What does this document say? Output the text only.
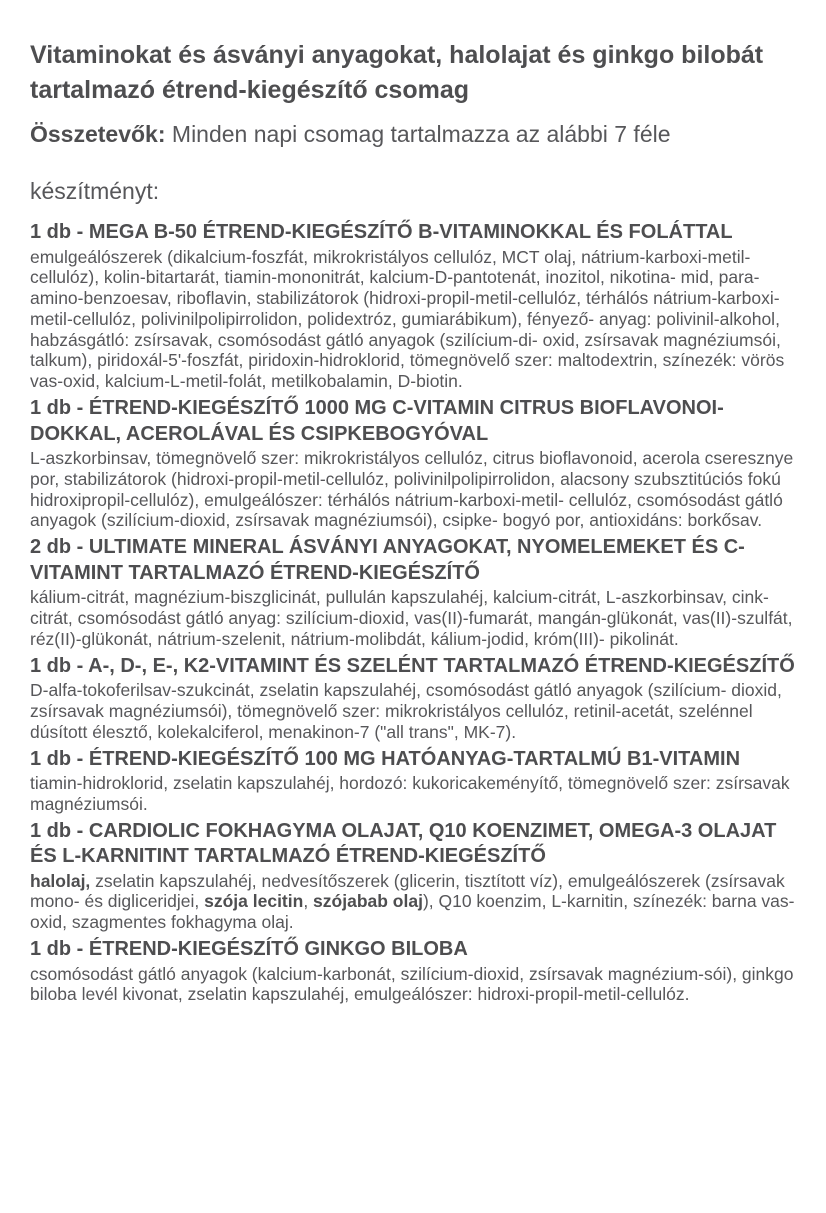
Vitaminokat és ásványi anyagokat, halolajat és ginkgo bilobát tartalmazó étrend-kiegészítő csomag

Összetevők: Minden napi csomag tartalmazza az alábbi 7 féle

készítményt:

1 db - MEGA B-50 ÉTREND-KIEGÉSZÍTŐ B-VITAMINOKKAL ÉS FOLÁTTAL

emulgeálószerek (dikalcium-foszfát, mikrokristályos cellulóz, MCT olaj, nátrium-karboxi-metil-cellulóz), kolin-bitartarát, tiamin-mononitrát, kalcium-D-pantotenát, inozitol, nikotina- mid, para-amino-benzoesav, riboflavin, stabilizátorok (hidroxi-propil-metil-cellulóz, térhálós nátrium-karboxi-metil-cellulóz, polivinilpolipirrolidon, polidextróz, gumiarábikum), fényező- anyag: polivinil-alkohol, habzásgátló: zsírsavak, csomósodást gátló anyagok (szilícium-di- oxid, zsírsavak magnéziumsói, talkum), piridoxál-5'-foszfát, piridoxin-hidroklorid, tömegnövelő szer: maltodextrin, színezék: vörös vas-oxid, kalcium-L-metil-folát, metilkobalamin, D-biotin.

1 db - ÉTREND-KIEGÉSZÍTŐ 1000 MG C-VITAMIN CITRUS BIOFLAVONOI- DOKKAL, ACEROLÁVAL ÉS CSIPKEBOGYÓVAL

L-aszkorbinsav, tömegnövelő szer: mikrokristályos cellulóz, citrus bioflavonoid, acerola cseresznye por, stabilizátorok (hidroxi-propil-metil-cellulóz, polivinilpolipirrolidon, alacsony szubsztitúciós fokú hidroxipropil-cellulóz), emulgeálószer: térhálós nátrium-karboxi-metil- cellulóz, csomósodást gátló anyagok (szilícium-dioxid, zsírsavak magnéziumsói), csipke- bogyó por, antioxidáns: borkősav.

2 db - ULTIMATE MINERAL ÁSVÁNYI ANYAGOKAT, NYOMELEMEKET ÉS C-VITAMINT TARTALMAZÓ ÉTREND-KIEGÉSZÍTŐ

kálium-citrát, magnézium-biszglicinát, pullulán kapszulahéj, kalcium-citrát, L-aszkorbinsav, cink-citrát, csomósodást gátló anyag: szilícium-dioxid, vas(II)-fumarát, mangán-glükonát, vas(II)-szulfát, réz(II)-glükonát, nátrium-szelenit, nátrium-molibdát, kálium-jodid, króm(III)- pikolinát.

1 db - A-, D-, E-, K2-VITAMINT ÉS SZELÉNT TARTALMAZÓ ÉTREND-KIEGÉSZÍTŐ

D-alfa-tokoferilsav-szukcinát, zselatin kapszulahéj, csomósodást gátló anyagok (szilícium- dioxid, zsírsavak magnéziumsói), tömegnövelő szer: mikrokristályos cellulóz, retinil-acetát, szelénnel dúsított élesztő, kolekalciferol, menakinon-7 ("all trans", MK-7).

1 db - ÉTREND-KIEGÉSZÍTŐ 100 MG HATÓANYAG-TARTALMÚ B1-VITAMIN

tiamin-hidroklorid, zselatin kapszulahéj, hordozó: kukoricakeményítő, tömegnövelő szer: zsírsavak magnéziumsói.

1 db - CARDIOLIC FOKHAGYMA OLAJAT, Q10 KOENZIMET, OMEGA-3 OLAJAT ÉS L-KARNITINT TARTALMAZÓ ÉTREND-KIEGÉSZÍTŐ

halolaj, zselatin kapszulahéj, nedvesítőszerek (glicerin, tisztított víz), emulgeálószerek (zsírsavak mono- és digliceridjei, szója lecitin, szójabab olaj), Q10 koenzim, L-karnitin, színezék: barna vas-oxid, szagmentes fokhagyma olaj.

1 db - ÉTREND-KIEGÉSZÍTŐ GINKGO BILOBA

csomósodást gátló anyagok (kalcium-karbonát, szilícium-dioxid, zsírsavak magnézium-sói), ginkgo biloba levél kivonat, zselatin kapszulahéj, emulgeálószer: hidroxi-propil-metil-cellulóz.
